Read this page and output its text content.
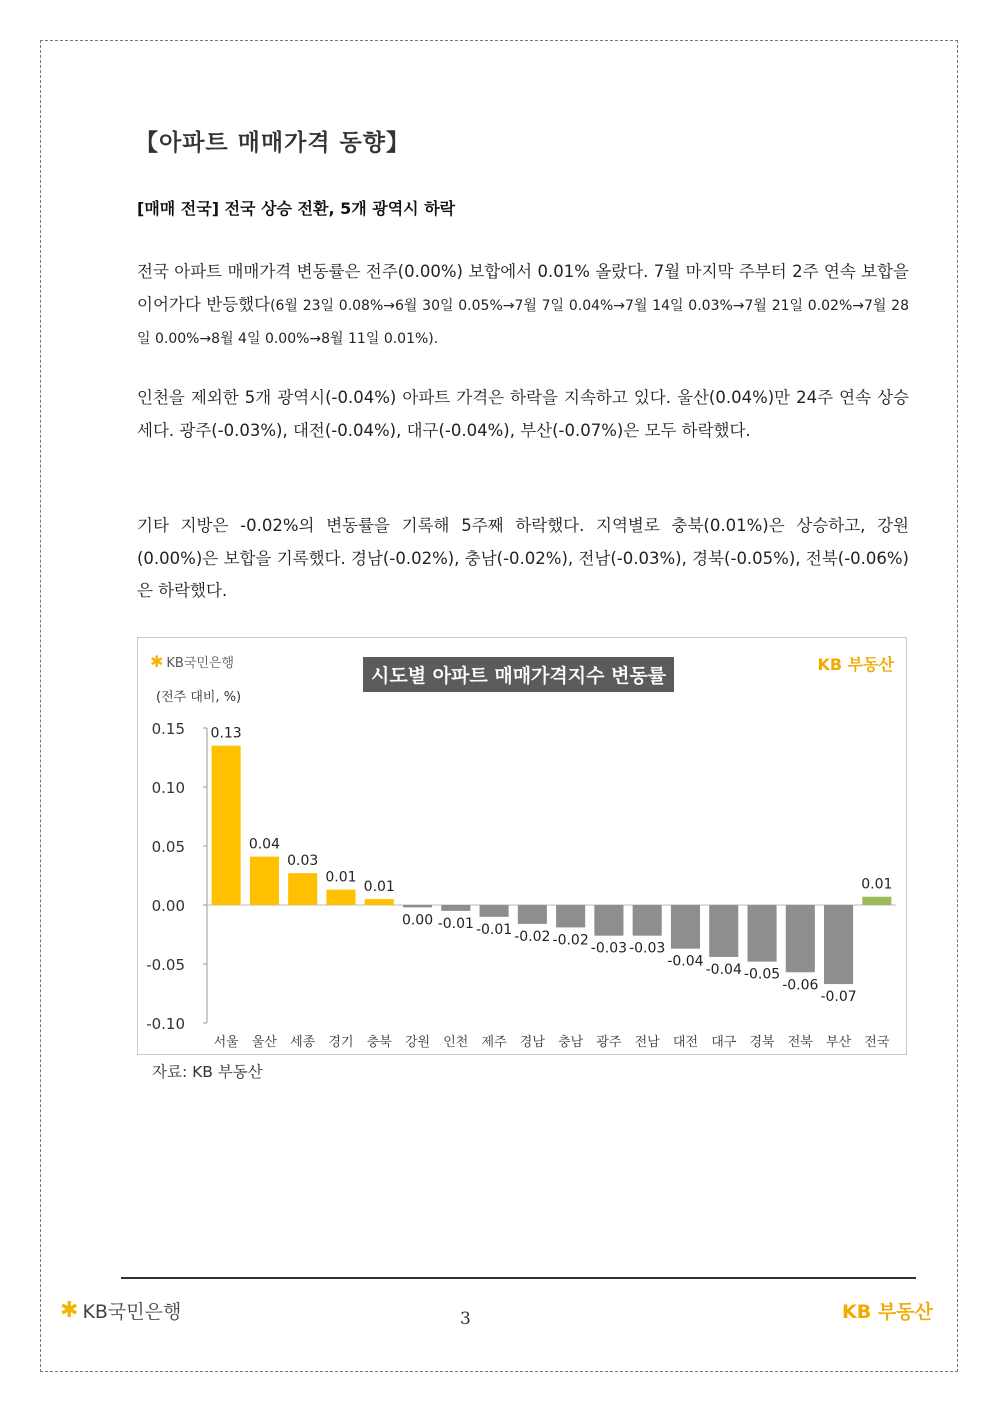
【아파트 매매가격 동향】
[매매 전국] 전국 상승 전환, 5개 광역시 하락
전국 아파트 매매가격 변동률은 전주(0.00%) 보합에서 0.01% 올랐다. 7월 마지막 주부터 2주 연속 보합을 이어가다 반등했다(6월 23일 0.08%→6월 30일 0.05%→7월 7일 0.04%→7월 14일 0.03%→7월 21일 0.02%→7월 28일 0.00%→8월 4일 0.00%→8월 11일 0.01%).
인천을 제외한 5개 광역시(-0.04%) 아파트 가격은 하락을 지속하고 있다. 울산(0.04%)만 24주 연속 상승세다. 광주(-0.03%), 대전(-0.04%), 대구(-0.04%), 부산(-0.07%)은 모두 하락했다.
기타 지방은 -0.02%의 변동률을 기록해 5주째 하락했다. 지역별로 충북(0.01%)은 상승하고, 강원(0.00%)은 보합을 기록했다. 경남(-0.02%), 충남(-0.02%), 전남(-0.03%), 경북(-0.05%), 전북(-0.06%)은 하락했다.
✱ KB국민은행
시도별 아파트 매매가격지수 변동률
KB 부동산
(전주 대비, %)
0.15
0.10
0.05
0.00
-0.05
-0.10
0.13
서울
0.04
울산
0.03
세종
0.01
경기
0.01
충북
0.00
강원
-0.01
인천
-0.01
제주
-0.02
경남
-0.02
충남
-0.03
광주
-0.03
전남
-0.04
대전
-0.04
대구
-0.05
경북
-0.06
전북
-0.07
부산
0.01
전국
자료: KB 부동산
✱ KB국민은행	3	KB 부동산
